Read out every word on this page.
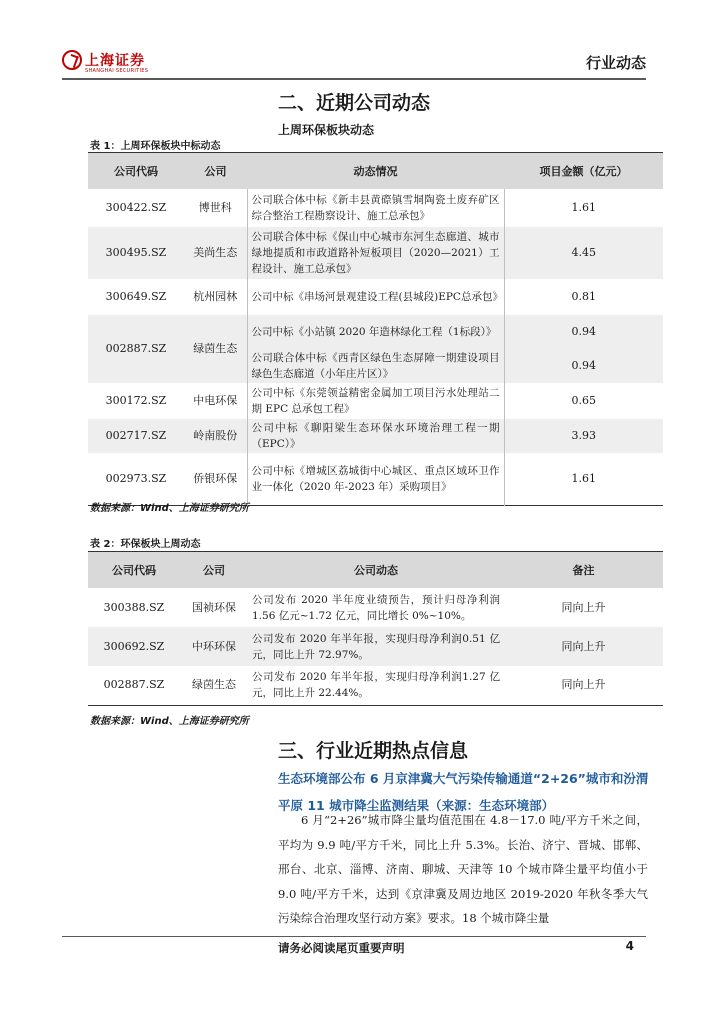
上海证券
SHANGHAI SECURITIES	行业动态
二、近期公司动态
上周环保板块动态
表 1：上周环保板块中标动态
公司代码	公司	动态情况	项目金额（亿元）
300422.SZ	博世科	公司联合体中标《新丰县黄磜镇雪垌陶瓷土废弃矿区综合整治工程勘察设计、施工总承包》	1.61
300495.SZ	美尚生态	公司联合体中标《保山中心城市东河生态廊道、城市绿地提质和市政道路补短板项目（2020—2021）工程设计、施工总承包》	4.45
300649.SZ	杭州园林	公司中标《串场河景观建设工程(县城段)EPC总承包》	0.81
002887.SZ	绿茵生态	公司中标《小站镇 2020 年造林绿化工程（1标段）》	0.94
		公司联合体中标《西青区绿色生态屏障一期建设项目绿色生态廊道（小年庄片区）》	0.94
300172.SZ	中电环保	公司中标《东莞领益精密金属加工项目污水处理站二期 EPC 总承包工程》	0.65
002717.SZ	岭南股份	公司中标《聊阳梁生态环保水环境治理工程一期（EPC）》	3.93
002973.SZ	侨银环保	公司中标《增城区荔城街中心城区、重点区域环卫作业一体化（2020 年-2023 年）采购项目》	1.61
数据来源：Wind、上海证券研究所
表 2：环保板块上周动态
公司代码	公司	公司动态	备注
300388.SZ	国祯环保	公司发布 2020 半年度业绩预告，预计归母净利润 1.56 亿元~1.72 亿元，同比增长 0%~10%。	同向上升
300692.SZ	中环环保	公司发布 2020 年半年报，实现归母净利润0.51 亿元，同比上升 72.97%。	同向上升
002887.SZ	绿茵生态	公司发布 2020 年半年报，实现归母净利润1.27 亿元，同比上升 22.44%。	同向上升
数据来源：Wind、上海证券研究所
三、行业近期热点信息
生态环境部公布 6 月京津冀大气污染传输通道“2+26”城市和汾渭平原 11 城市降尘监测结果（来源：生态环境部）
6 月“2+26”城市降尘量均值范围在 4.8－17.0 吨/平方千米之间，平均为 9.9 吨/平方千米，同比上升 5.3%。长治、济宁、晋城、邯郸、邢台、北京、淄博、济南、聊城、天津等 10 个城市降尘量平均值小于 9.0 吨/平方千米，达到《京津冀及周边地区 2019-2020 年秋冬季大气污染综合治理攻坚行动方案》要求。18 个城市降尘量
请务必阅读尾页重要声明	4
